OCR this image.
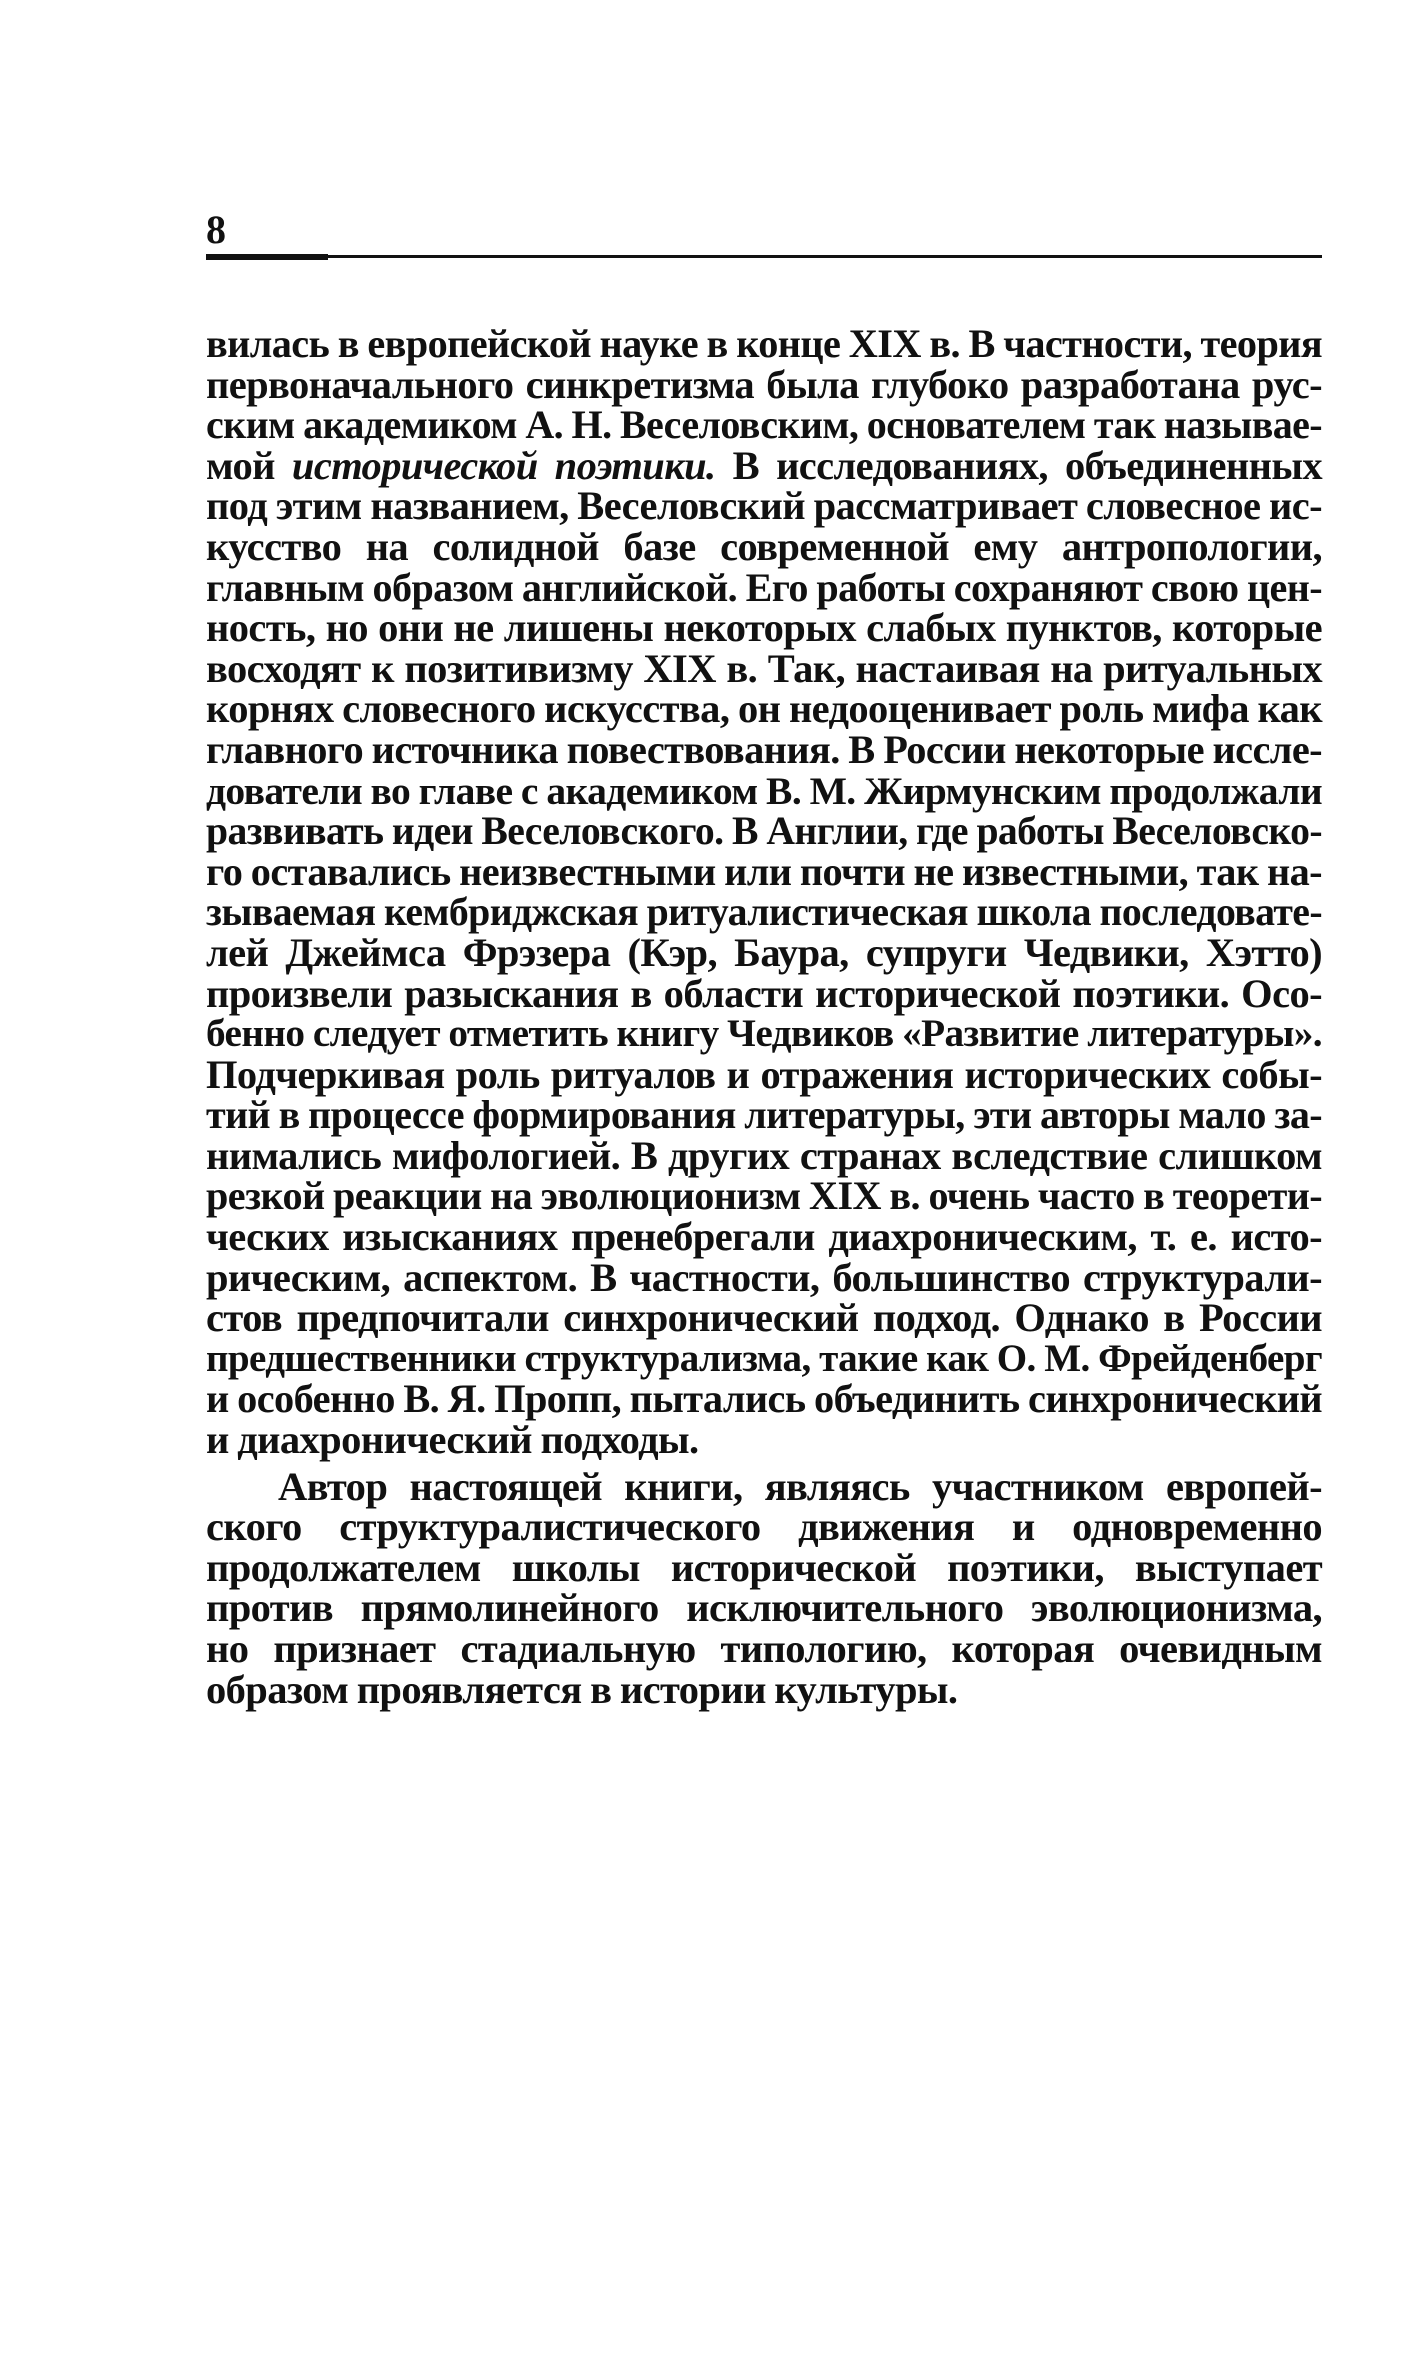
8
вилась в европейской науке в конце XIX в. В частности, теория
первоначального синкретизма была глубоко разработана рус-
ским академиком А. Н. Веселовским, основателем так называе-
мой исторической поэтики. В исследованиях, объединенных
под этим названием, Веселовский рассматривает словесное ис-
кусство на солидной базе современной ему антропологии,
главным образом английской. Его работы сохраняют свою цен-
ность, но они не лишены некоторых слабых пунктов, которые
восходят к позитивизму XIX в. Так, настаивая на ритуальных
корнях словесного искусства, он недооценивает роль мифа как
главного источника повествования. В России некоторые иссле-
дователи во главе с академиком В. М. Жирмунским продолжали
развивать идеи Веселовского. В Англии, где работы Веселовско-
го оставались неизвестными или почти не известными, так на-
зываемая кембриджская ритуалистическая школа последовате-
лей Джеймса Фрэзера (Кэр, Баура, супруги Чедвики, Хэтто)
произвели разыскания в области исторической поэтики. Осо-
бенно следует отметить книгу Чедвиков «Развитие литературы».
Подчеркивая роль ритуалов и отражения исторических собы-
тий в процессе формирования литературы, эти авторы мало за-
нимались мифологией. В других странах вследствие слишком
резкой реакции на эволюционизм XIX в. очень часто в теорети-
ческих изысканиях пренебрегали диахроническим, т. е. исто-
рическим, аспектом. В частности, большинство структурали-
стов предпочитали синхронический подход. Однако в России
предшественники структурализма, такие как О. М. Фрейденберг
и особенно В. Я. Пропп, пытались объединить синхронический
и диахронический подходы.
Автор настоящей книги, являясь участником европей-
ского структуралистического движения и одновременно
продолжателем школы исторической поэтики, выступает
против прямолинейного исключительного эволюционизма,
но признает стадиальную типологию, которая очевидным
образом проявляется в истории культуры.
